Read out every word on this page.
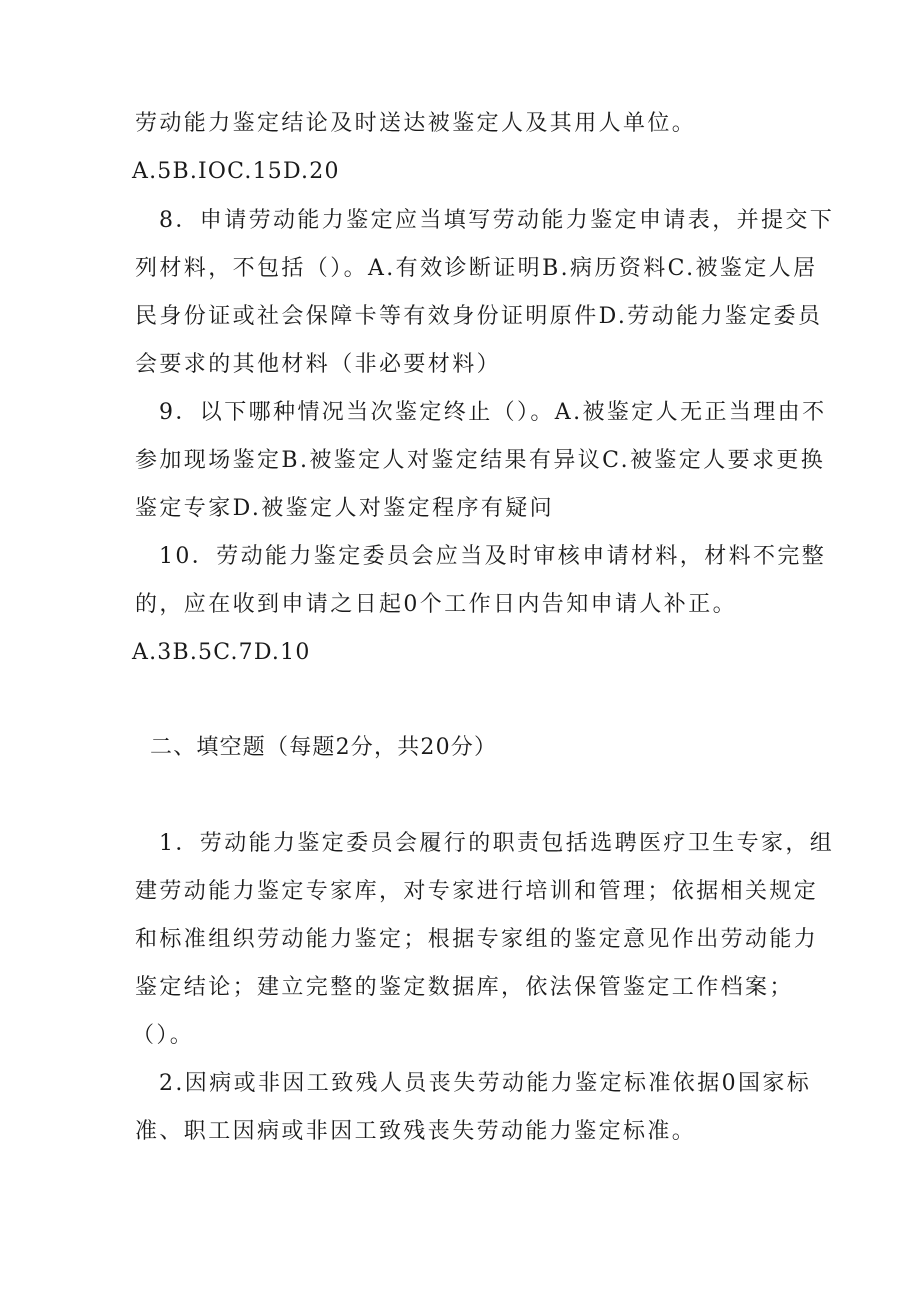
劳动能力鉴定结论及时送达被鉴定人及其用人单位。
A.5B.IOC.15D.20
8．申请劳动能力鉴定应当填写劳动能力鉴定申请表，并提交下
列材料，不包括（）。A.有效诊断证明B.病历资料C.被鉴定人居
民身份证或社会保障卡等有效身份证明原件D.劳动能力鉴定委员
会要求的其他材料（非必要材料）
9．以下哪种情况当次鉴定终止（）。A.被鉴定人无正当理由不
参加现场鉴定B.被鉴定人对鉴定结果有异议C.被鉴定人要求更换
鉴定专家D.被鉴定人对鉴定程序有疑问
10．劳动能力鉴定委员会应当及时审核申请材料，材料不完整
的，应在收到申请之日起0个工作日内告知申请人补正。
A.3B.5C.7D.10
二、填空题（每题2分，共20分）
1．劳动能力鉴定委员会履行的职责包括选聘医疗卫生专家，组
建劳动能力鉴定专家库，对专家进行培训和管理；依据相关规定
和标准组织劳动能力鉴定；根据专家组的鉴定意见作出劳动能力
鉴定结论；建立完整的鉴定数据库，依法保管鉴定工作档案；
（）。
2.因病或非因工致残人员丧失劳动能力鉴定标准依据0国家标
准、职工因病或非因工致残丧失劳动能力鉴定标准。
